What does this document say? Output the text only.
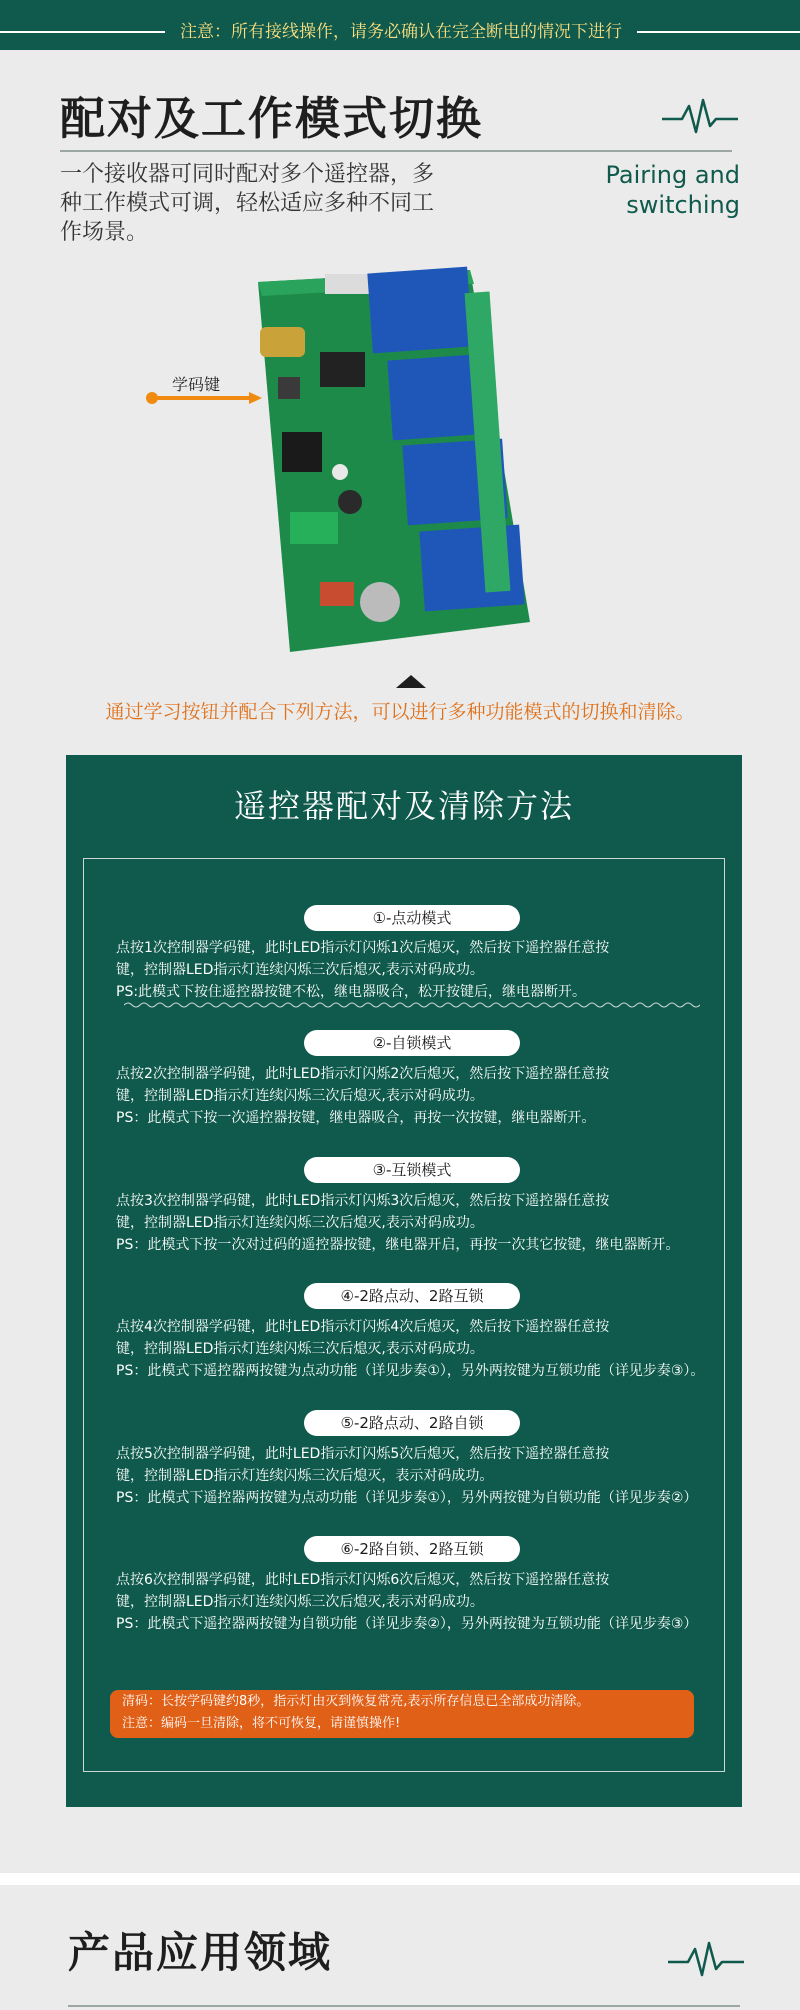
注意：所有接线操作，请务必确认在完全断电的情况下进行
配对及工作模式切换
一个接收器可同时配对多个遥控器，多
种工作模式可调，轻松适应多种不同工
作场景。
Pairing and
switching
学码键
通过学习按钮并配合下列方法，可以进行多种功能模式的切换和清除。
遥控器配对及清除方法
①-点动模式

点按1次控制器学码键，此时LED指示灯闪烁1次后熄灭，然后按下遥控器任意按

键，控制器LED指示灯连续闪烁三次后熄灭,表示对码成功。

PS:此模式下按住遥控器按键不松，继电器吸合，松开按键后，继电器断开。

②-自锁模式

点按2次控制器学码键，此时LED指示灯闪烁2次后熄灭，然后按下遥控器任意按

键，控制器LED指示灯连续闪烁三次后熄灭,表示对码成功。

PS：此模式下按一次遥控器按键，继电器吸合，再按一次按键，继电器断开。

③-互锁模式

点按3次控制器学码键，此时LED指示灯闪烁3次后熄灭，然后按下遥控器任意按

键，控制器LED指示灯连续闪烁三次后熄灭,表示对码成功。

PS：此模式下按一次对过码的遥控器按键，继电器开启，再按一次其它按键，继电器断开。

④-2路点动、2路互锁

点按4次控制器学码键，此时LED指示灯闪烁4次后熄灭，然后按下遥控器任意按

键，控制器LED指示灯连续闪烁三次后熄灭,表示对码成功。

PS：此模式下遥控器两按键为点动功能（详见步奏①），另外两按键为互锁功能（详见步奏③）。

⑤-2路点动、2路自锁

点按5次控制器学码键，此时LED指示灯闪烁5次后熄灭，然后按下遥控器任意按

键，控制器LED指示灯连续闪烁三次后熄灭，表示对码成功。

PS：此模式下遥控器两按键为点动功能（详见步奏①），另外两按键为自锁功能（详见步奏②）

⑥-2路自锁、2路互锁

点按6次控制器学码键，此时LED指示灯闪烁6次后熄灭，然后按下遥控器任意按

键，控制器LED指示灯连续闪烁三次后熄灭,表示对码成功。

PS：此模式下遥控器两按键为自锁功能（详见步奏②），另外两按键为互锁功能（详见步奏③）

清码：长按学码键约8秒，指示灯由灭到恢复常亮,表示所存信息已全部成功清除。

注意：编码一旦清除，将不可恢复，请谨慎操作!

产品应用领域
